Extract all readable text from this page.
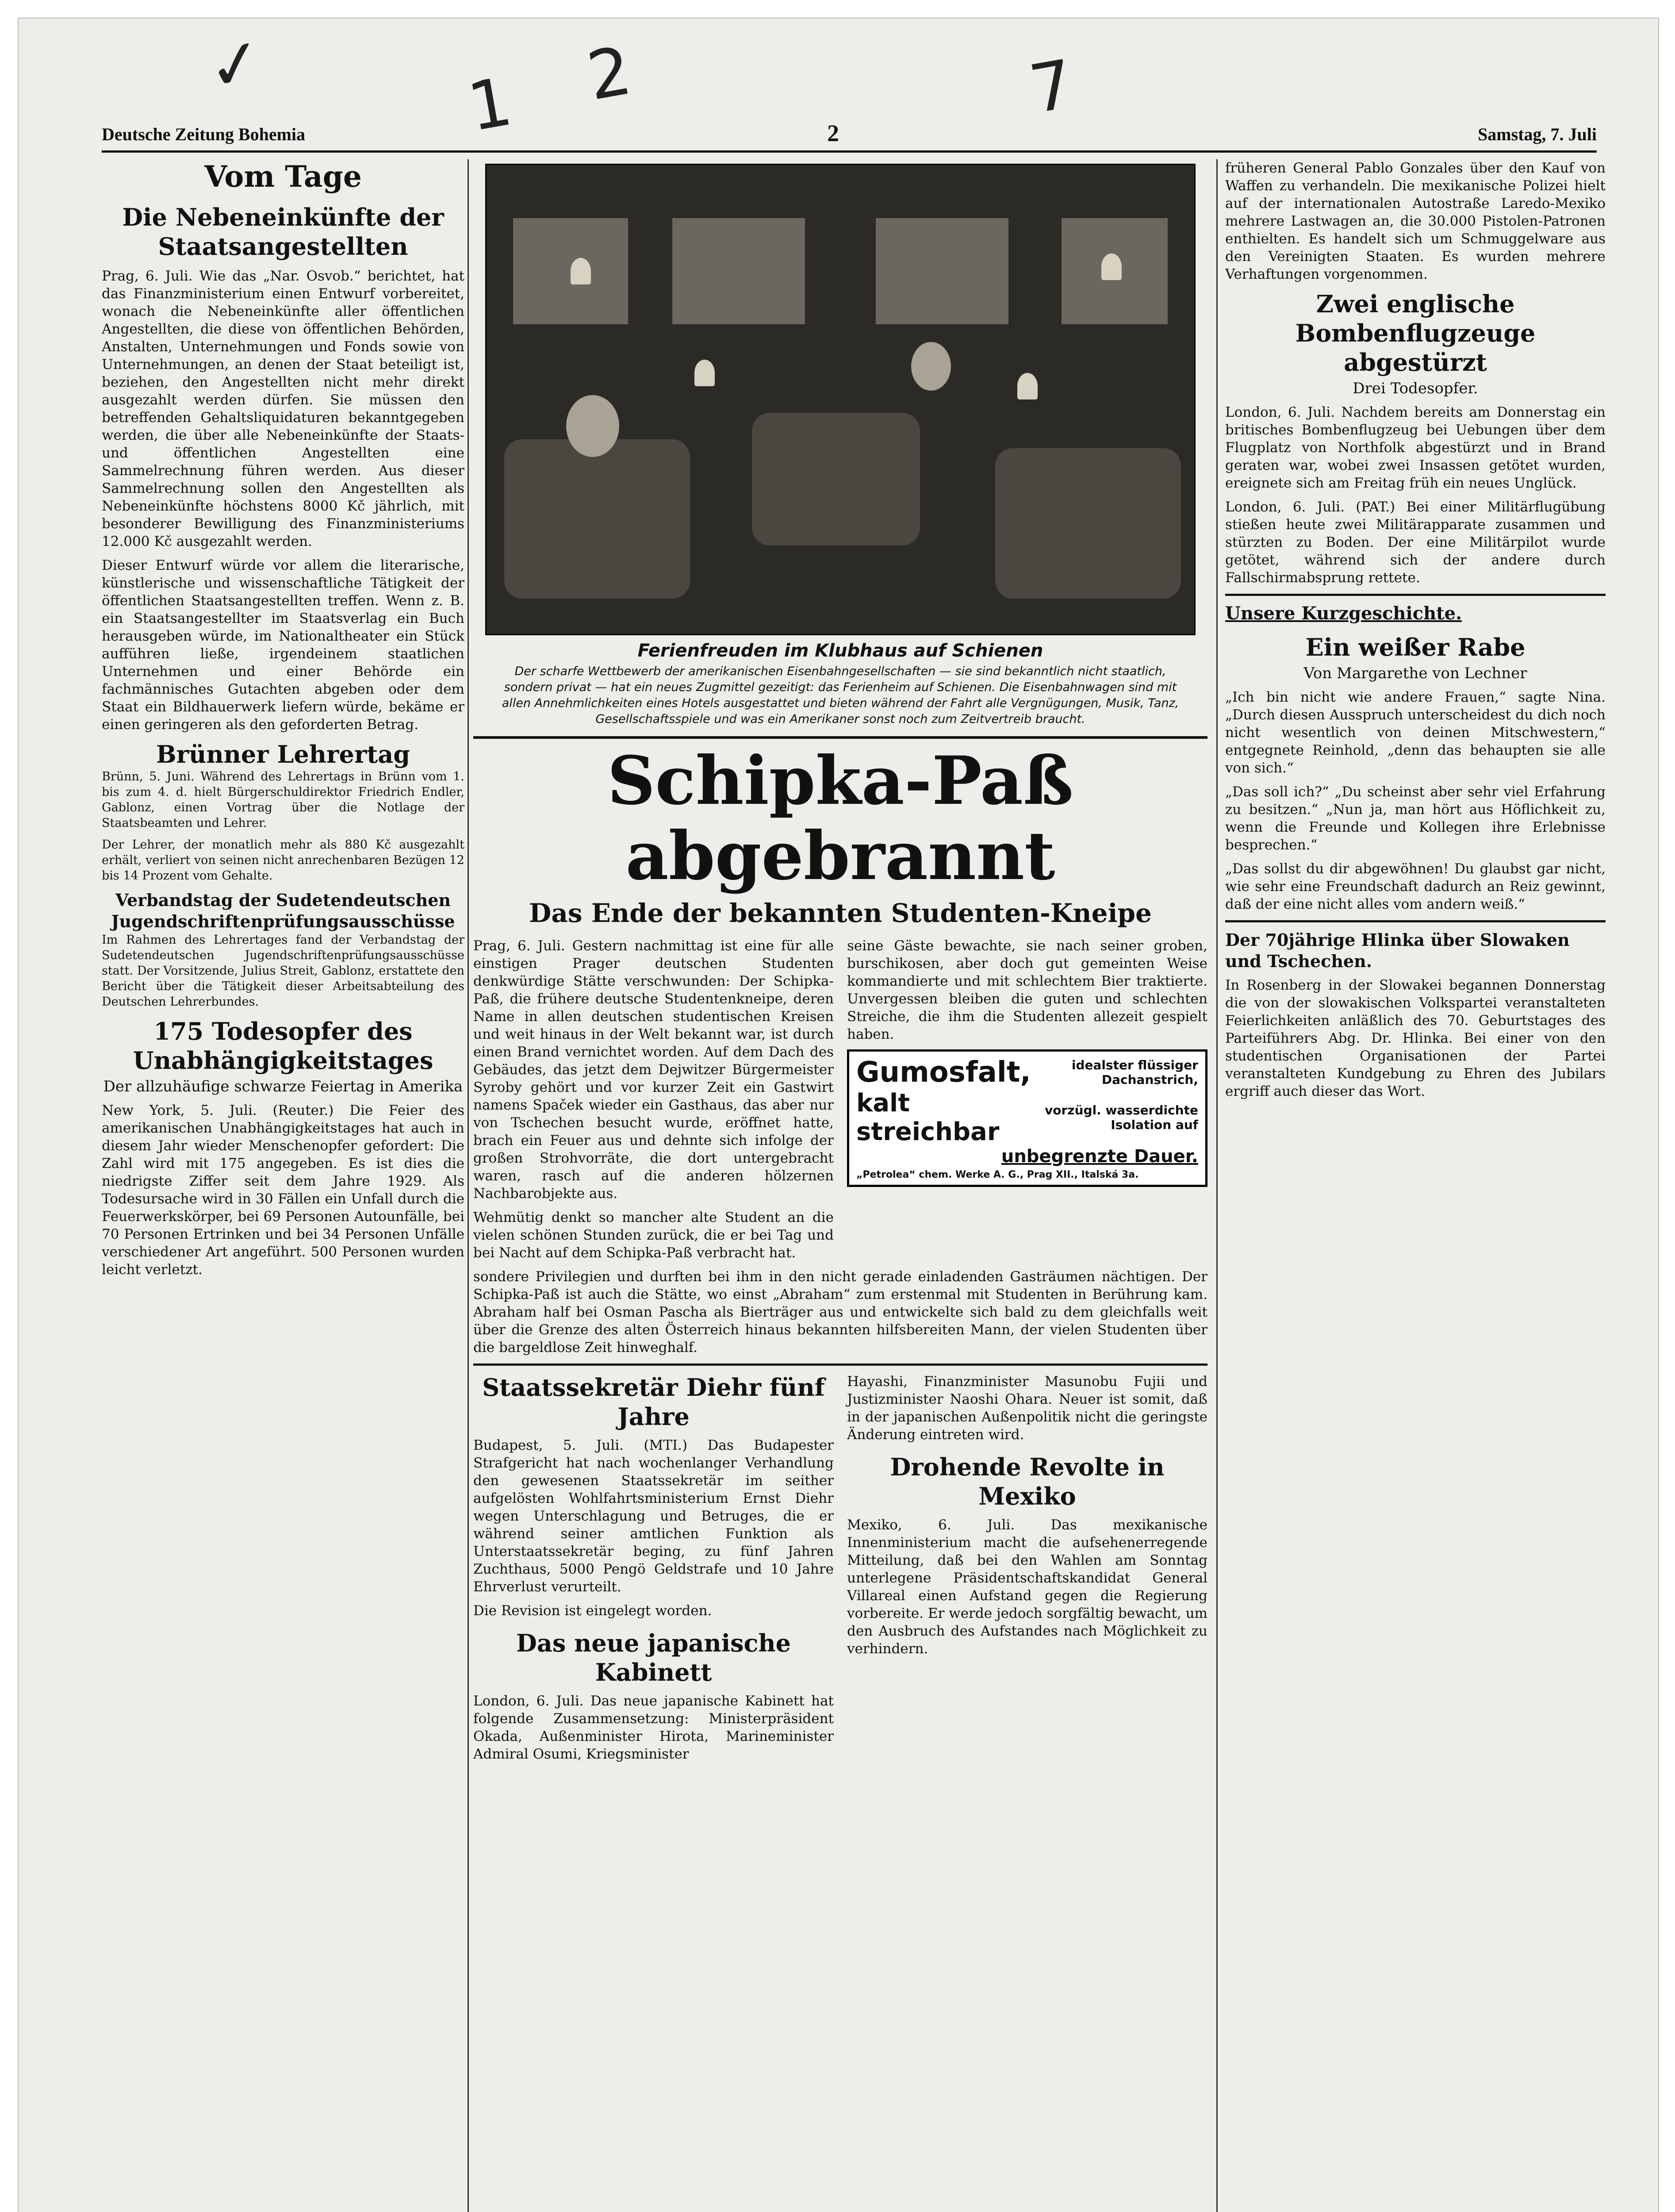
✓	1 2	7
Deutsche Zeitung Bohemia	2	Samstag, 7. Juli
Vom Tage
Die Nebeneinkünfte der Staatsangestellten

Prag, 6. Juli. Wie das „Nar. Osvob.“ berichtet, hat das Finanzministerium einen Entwurf vorbereitet, wonach die Nebeneinkünfte aller öffentlichen Angestellten, die diese von öffentlichen Behörden, Anstalten, Unternehmungen und Fonds sowie von Unternehmungen, an denen der Staat beteiligt ist, beziehen, den Angestellten nicht mehr direkt ausgezahlt werden dürfen. Sie müssen den betreffenden Gehaltsliquidaturen bekanntgegeben werden, die über alle Nebeneinkünfte der Staats- und öffentlichen Angestellten eine Sammelrechnung führen werden. Aus dieser Sammelrechnung sollen den Angestellten als Nebeneinkünfte höchstens 8000 Kč jährlich, mit besonderer Bewilligung des Finanzministeriums 12.000 Kč ausgezahlt werden.

Dieser Entwurf würde vor allem die literarische, künstlerische und wissenschaftliche Tätigkeit der öffentlichen Staatsangestellten treffen. Wenn z. B. ein Staatsangestellter im Staatsverlag ein Buch herausgeben würde, im Nationaltheater ein Stück aufführen ließe, irgendeinem staatlichen Unternehmen und einer Behörde ein fachmännisches Gutachten abgeben oder dem Staat ein Bildhauerwerk liefern würde, bekäme er einen geringeren als den geforderten Betrag.

Brünner Lehrertag

Brünn, 5. Juni. Während des Lehrertags in Brünn vom 1. bis zum 4. d. hielt Bürgerschuldirektor Friedrich Endler, Gablonz, einen Vortrag über die Notlage der Staatsbeamten und Lehrer.

Der Lehrer, der monatlich mehr als 880 Kč ausgezahlt erhält, verliert von seinen nicht anrechenbaren Bezügen 12 bis 14 Prozent vom Gehalte.

Verbandstag der Sudetendeutschen Jugendschriftenprüfungsausschüsse

Im Rahmen des Lehrertages fand der Verbandstag der Sudetendeutschen Jugendschriftenprüfungsausschüsse statt. Der Vorsitzende, Julius Streit, Gablonz, erstattete den Bericht über die Tätigkeit dieser Arbeitsabteilung des Deutschen Lehrerbundes.

175 Todesopfer des Unabhängigkeitstages
Der allzuhäufige schwarze Feiertag in Amerika

New York, 5. Juli. (Reuter.) Die Feier des amerikanischen Unabhängigkeitstages hat auch in diesem Jahr wieder Menschenopfer gefordert: Die Zahl wird mit 175 angegeben. Es ist dies die niedrigste Ziffer seit dem Jahre 1929. Als Todesursache wird in 30 Fällen ein Unfall durch die Feuerwerkskörper, bei 69 Personen Autounfälle, bei 70 Personen Ertrinken und bei 34 Personen Unfälle verschiedener Art angeführt. 500 Personen wurden leicht verletzt.

Ferienfreuden im Klubhaus auf Schienen
Der scharfe Wettbewerb der amerikanischen Eisenbahngesellschaften — sie sind bekanntlich nicht staatlich, sondern privat — hat ein neues Zugmittel gezeitigt: das Ferienheim auf Schienen. Die Eisenbahnwagen sind mit allen Annehmlichkeiten eines Hotels ausgestattet und bieten während der Fahrt alle Vergnügungen, Musik, Tanz, Gesellschaftsspiele und was ein Amerikaner sonst noch zum Zeitvertreib braucht.
Schipka-Paß abgebrannt
Das Ende der bekannten Studenten-Kneipe

Prag, 6. Juli. Gestern nachmittag ist eine für alle einstigen Prager deutschen Studenten denkwürdige Stätte verschwunden: Der Schipka-Paß, die frühere deutsche Studentenkneipe, deren Name in allen deutschen studentischen Kreisen und weit hinaus in der Welt bekannt war, ist durch einen Brand vernichtet worden. Auf dem Dach des Gebäudes, das jetzt dem Dejwitzer Bürgermeister Syroby gehört und vor kurzer Zeit ein Gastwirt namens Spaček wieder ein Gasthaus, das aber nur von Tschechen besucht wurde, eröffnet hatte, brach ein Feuer aus und dehnte sich infolge der großen Strohvorräte, die dort untergebracht waren, rasch auf die anderen hölzernen Nachbarobjekte aus.

Wehmütig denkt so mancher alte Student an die vielen schönen Stunden zurück, die er bei Tag und bei Nacht auf dem Schipka-Paß verbracht hat.

seine Gäste bewachte, sie nach seiner groben, burschikosen, aber doch gut gemeinten Weise kommandierte und mit schlechtem Bier traktierte. Unvergessen bleiben die guten und schlechten Streiche, die ihm die Studenten allezeit gespielt haben.

Gumosfalt,	idealster flüssiger Dachanstrich,
kalt streichbar
vorzügl. wasserdichte Isolation auf
unbegrenzte Dauer.
„Petrolea“ chem. Werke A. G., Prag XII., Italská 3a.

sondere Privilegien und durften bei ihm in den nicht gerade einladenden Gasträumen nächtigen. Der Schipka-Paß ist auch die Stätte, wo einst „Abraham“ zum erstenmal mit Studenten in Berührung kam. Abraham half bei Osman Pascha als Bierträger aus und entwickelte sich bald zu dem gleichfalls weit über die Grenze des alten Österreich hinaus bekannten hilfsbereiten Mann, der vielen Studenten über die bargeldlose Zeit hinweghalf.

Staatssekretär Diehr fünf Jahre

Budapest, 5. Juli. (MTI.) Das Budapester Strafgericht hat nach wochenlanger Verhandlung den gewesenen Staatssekretär im seither aufgelösten Wohlfahrtsministerium Ernst Diehr wegen Unterschlagung und Betruges, die er während seiner amtlichen Funktion als Unterstaatssekretär beging, zu fünf Jahren Zuchthaus, 5000 Pengö Geldstrafe und 10 Jahre Ehrverlust verurteilt.

Die Revision ist eingelegt worden.

Das neue japanische Kabinett

London, 6. Juli. Das neue japanische Kabinett hat folgende Zusammensetzung: Ministerpräsident Okada, Außenminister Hirota, Marineminister Admiral Osumi, Kriegsminister

Hayashi, Finanzminister Masunobu Fujii und Justizminister Naoshi Ohara. Neuer ist somit, daß in der japanischen Außenpolitik nicht die geringste Änderung eintreten wird.

Drohende Revolte in Mexiko

Mexiko, 6. Juli. Das mexikanische Innenministerium macht die aufsehenerregende Mitteilung, daß bei den Wahlen am Sonntag unterlegene Präsidentschaftskandidat General Villareal einen Aufstand gegen die Regierung vorbereite. Er werde jedoch sorgfältig bewacht, um den Ausbruch des Aufstandes nach Möglichkeit zu verhindern.

früheren General Pablo Gonzales über den Kauf von Waffen zu verhandeln. Die mexikanische Polizei hielt auf der internationalen Autostraße Laredo-Mexiko mehrere Lastwagen an, die 30.000 Pistolen-Patronen enthielten. Es handelt sich um Schmuggelware aus den Vereinigten Staaten. Es wurden mehrere Verhaftungen vorgenommen.

Zwei englische Bombenflugzeuge abgestürzt
Drei Todesopfer.

London, 6. Juli. Nachdem bereits am Donnerstag ein britisches Bombenflugzeug bei Uebungen über dem Flugplatz von Northfolk abgestürzt und in Brand geraten war, wobei zwei Insassen getötet wurden, ereignete sich am Freitag früh ein neues Unglück.

London, 6. Juli. (PAT.) Bei einer Militärflugübung stießen heute zwei Militärapparate zusammen und stürzten zu Boden. Der eine Militärpilot wurde getötet, während sich der andere durch Fallschirmabsprung rettete.

Unsere Kurzgeschichte.
Ein weißer Rabe
Von Margarethe von Lechner

„Ich bin nicht wie andere Frauen,“ sagte Nina. „Durch diesen Ausspruch unterscheidest du dich noch nicht wesentlich von deinen Mitschwestern,“ entgegnete Reinhold, „denn das behaupten sie alle von sich.“

„Das soll ich?“ „Du scheinst aber sehr viel Erfahrung zu besitzen.“ „Nun ja, man hört aus Höflichkeit zu, wenn die Freunde und Kollegen ihre Erlebnisse besprechen.“

„Das sollst du dir abgewöhnen! Du glaubst gar nicht, wie sehr eine Freundschaft dadurch an Reiz gewinnt, daß der eine nicht alles vom andern weiß.“

Der 70jährige Hlinka über Slowaken und Tschechen.

In Rosenberg in der Slowakei begannen Donnerstag die von der slowakischen Volkspartei veranstalteten Feierlichkeiten anläßlich des 70. Geburtstages des Parteiführers Abg. Dr. Hlinka. Bei einer von den studentischen Organisationen der Partei veranstalteten Kundgebung zu Ehren des Jubilars ergriff auch dieser das Wort.
